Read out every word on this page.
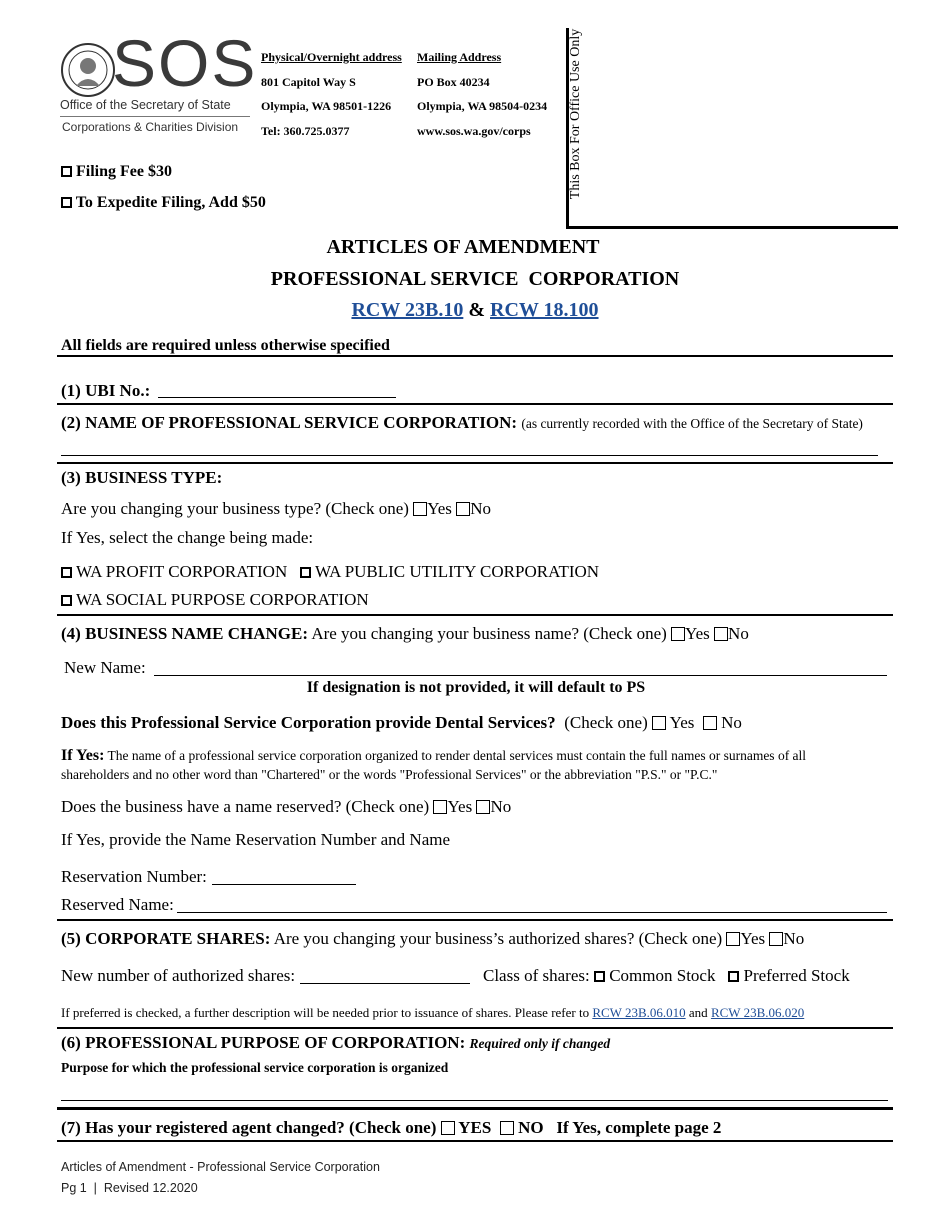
SOS
Office of the Secretary of State
Corporations & Charities Division
Physical/Overnight address
801 Capitol Way S
Olympia, WA 98501-1226
Tel: 360.725.0377
Mailing Address
PO Box 40234
Olympia, WA 98504-0234
www.sos.wa.gov/corps	This Box For Office Use Only
Filing Fee $30
To Expedite Filing, Add $50
ARTICLES OF AMENDMENT
PROFESSIONAL SERVICE  CORPORATION
RCW 23B.10 & RCW 18.100
All fields are required unless otherwise specified
(1) UBI No.:
(2) NAME OF PROFESSIONAL SERVICE CORPORATION: (as currently recorded with the Office of the Secretary of State)
(3) BUSINESS TYPE:
Are you changing your business type? (Check one) Yes No
If Yes, select the change being made:
WA PROFIT CORPORATION WA PUBLIC UTILITY CORPORATION
WA SOCIAL PURPOSE CORPORATION
(4) BUSINESS NAME CHANGE: Are you changing your business name? (Check one) Yes No
New Name:
If designation is not provided, it will default to PS
Does this Professional Service Corporation provide Dental Services? (Check one) Yes No
If Yes: The name of a professional service corporation organized to render dental services must contain the full names or surnames of all
shareholders and no other word than "Chartered" or the words "Professional Services" or the abbreviation "P.S." or "P.C."
Does the business have a name reserved? (Check one) Yes No
If Yes, provide the Name Reservation Number and Name
Reservation Number:
Reserved Name:
(5) CORPORATE SHARES: Are you changing your business’s authorized shares? (Check one) Yes No
New number of authorized shares:	Class of shares: Common Stock Preferred Stock
If preferred is checked, a further description will be needed prior to issuance of shares. Please refer to RCW 23B.06.010 and RCW 23B.06.020
(6) PROFESSIONAL PURPOSE OF CORPORATION: Required only if changed
Purpose for which the professional service corporation is organized
(7) Has your registered agent changed? (Check one) YES NO If Yes, complete page 2
Articles of Amendment - Professional Service Corporation
Pg 1  |  Revised 12.2020
